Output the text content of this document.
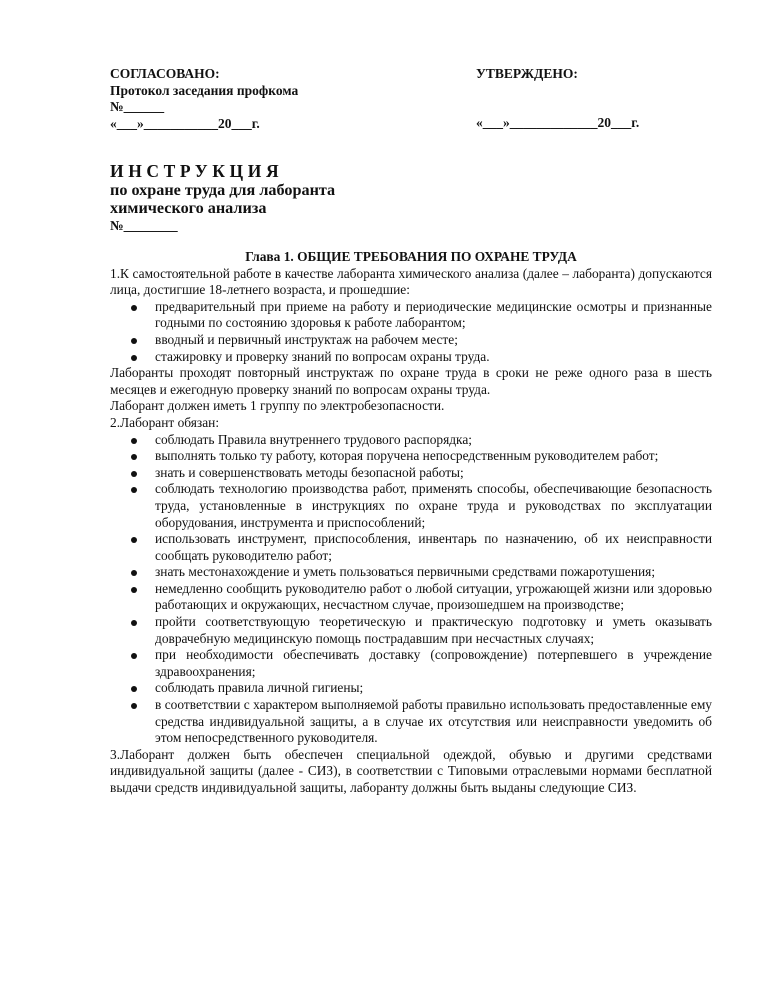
СОГЛАСОВАНО:
Протокол заседания профкома
№______
«___»___________20___г.
УТВЕРЖДЕНО:
«___»_____________20___г.
ИНСТРУКЦИЯ
по охране труда для лаборанта
химического анализа
№________

Глава 1. ОБЩИЕ ТРЕБОВАНИЯ ПО ОХРАНЕ ТРУДА

1.К самостоятельной работе в качестве лаборанта химического анализа (далее – лаборанта) допускаются лица, достигшие 18-летнего возраста, и прошедшие:

предварительный при приеме на работу и периодические медицинские осмотры и признанные годными по состоянию здоровья к работе лаборантом;
вводный и первичный инструктаж на рабочем месте;
стажировку и проверку знаний по вопросам охраны труда.

Лаборанты проходят повторный инструктаж по охране труда в сроки не реже одного раза в шесть месяцев и ежегодную проверку знаний по вопросам охраны труда.

Лаборант должен иметь 1 группу по электробезопасности.

2.Лаборант обязан:

соблюдать Правила внутреннего трудового распорядка;
выполнять только ту работу, которая поручена непосредственным руководителем работ;
знать и совершенствовать методы безопасной работы;
соблюдать технологию производства работ, применять способы, обеспечивающие безопасность труда, установленные в инструкциях по охране труда и руководствах по эксплуатации оборудования, инструмента и приспособлений;
использовать инструмент, приспособления, инвентарь по назначению, об их неисправности сообщать руководителю работ;
знать местонахождение и уметь пользоваться первичными средствами пожаротушения;
немедленно сообщить руководителю работ о любой ситуации, угрожающей жизни или здоровью работающих и окружающих, несчастном случае, произошедшем на производстве;
пройти соответствующую теоретическую и практическую подготовку и уметь оказывать доврачебную медицинскую помощь пострадавшим при несчастных случаях;
при необходимости обеспечивать доставку (сопровождение) потерпевшего в учреждение здравоохранения;
соблюдать правила личной гигиены;
в соответствии с характером выполняемой работы правильно использовать предоставленные ему средства индивидуальной защиты, а в случае их отсутствия или неисправности уведомить об этом непосредственного руководителя.

3.Лаборант должен быть обеспечен специальной одеждой, обувью и другими средствами индивидуальной защиты (далее - СИЗ), в соответствии с Типовыми отраслевыми нормами бесплатной выдачи средств индивидуальной защиты, лаборанту должны быть выданы следующие СИЗ.
